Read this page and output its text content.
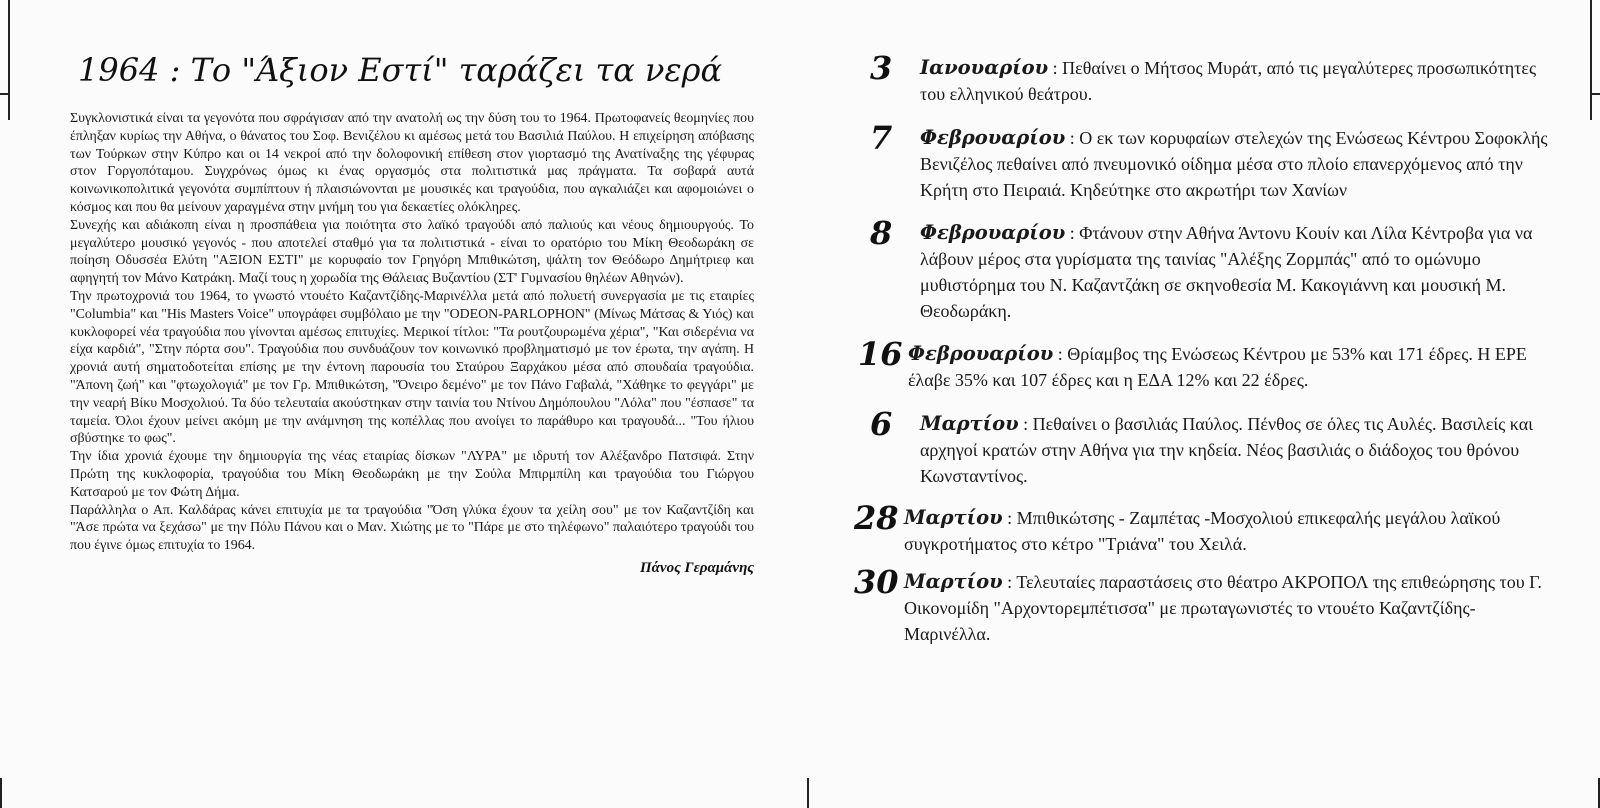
1964 : Το "Άξιον Εστί" ταράζει τα νερά

Συγκλονιστικά είναι τα γεγονότα που σφράγισαν από την ανατολή ως την δύση του το 1964. Πρωτοφανείς θεομηνίες που έπληξαν κυρίως την Αθήνα, ο θάνατος του Σοφ. Βενιζέλου κι αμέσως μετά του Βασιλιά Παύλου. Η επιχείρηση απόβασης των Τούρκων στην Κύπρο και οι 14 νεκροί από την δολοφονική επίθεση στον γιορτασμό της Ανατίναξης της γέφυρας στον Γοργοπόταμου. Συγχρόνως όμως κι ένας οργασμός στα πολιτιστικά μας πράγματα. Τα σοβαρά αυτά κοινωνικοπολιτικά γεγονότα συμπίπτουν ή πλαισιώνονται με μουσικές και τραγούδια, που αγκαλιάζει και αφομοιώνει ο κόσμος και που θα μείνουν χαραγμένα στην μνήμη του για δεκαετίες ολόκληρες.

Συνεχής και αδιάκοπη είναι η προσπάθεια για ποιότητα στο λαϊκό τραγούδι από παλιούς και νέους δημιουργούς. Το μεγαλύτερο μουσικό γεγονός - που αποτελεί σταθμό για τα πολιτιστικά - είναι το ορατόριο του Μίκη Θεοδωράκη σε ποίηση Οδυσσέα Ελύτη "ΑΞΙΟΝ ΕΣΤΙ" με κορυφαίο τον Γρηγόρη Μπιθικώτση, ψάλτη τον Θεόδωρο Δημήτριεφ και αφηγητή τον Μάνο Κατράκη. Μαζί τους η χορωδία της Θάλειας Βυζαντίου (ΣΤ' Γυμνασίου θηλέων Αθηνών).

Την πρωτοχρονιά του 1964, το γνωστό ντουέτο Καζαντζίδης-Μαρινέλλα μετά από πολυετή συνεργασία με τις εταιρίες "Columbia" και "His Masters Voice" υπογράφει συμβόλαιο με την "ODEON-PARLOPHON" (Μίνως Μάτσας & Υιός) και κυκλοφορεί νέα τραγούδια που γίνονται αμέσως επιτυχίες. Μερικοί τίτλοι: "Τα ρουτζουρωμένα χέρια", "Και σιδερένια να είχα καρδιά", "Στην πόρτα σου". Τραγούδια που συνδυάζουν τον κοινωνικό προβληματισμό με τον έρωτα, την αγάπη. Η χρονιά αυτή σηματοδοτείται επίσης με την έντονη παρουσία του Σταύρου Ξαρχάκου μέσα από σπουδαία τραγούδια. "Άπονη ζωή" και "φτωχολογιά" με τον Γρ. Μπιθικώτση, "Όνειρο δεμένο" με τον Πάνο Γαβαλά, "Χάθηκε το φεγγάρι" με την νεαρή Βίκυ Μοσχολιού. Τα δύο τελευταία ακούστηκαν στην ταινία του Ντίνου Δημόπουλου "Λόλα" που "έσπασε" τα ταμεία. Όλοι έχουν μείνει ακόμη με την ανάμνηση της κοπέλλας που ανοίγει το παράθυρο και τραγουδά... "Του ήλιου σβύστηκε το φως".

Την ίδια χρονιά έχουμε την δημιουργία της νέας εταιρίας δίσκων "ΛΥΡΑ" με ιδρυτή τον Αλέξανδρο Πατσιφά. Στην Πρώτη της κυκλοφορία, τραγούδια του Μίκη Θεοδωράκη με την Σούλα Μπιρμπίλη και τραγούδια του Γιώργου Κατσαρού με τον Φώτη Δήμα.

Παράλληλα ο Απ. Καλδάρας κάνει επιτυχία με τα τραγούδια "Όση γλύκα έχουν τα χείλη σου" με τον Καζαντζίδη και "Άσε πρώτα να ξεχάσω" με την Πόλυ Πάνου και ο Μαν. Χιώτης με το "Πάρε με στο τηλέφωνο" παλαιότερο τραγούδι του που έγινε όμως επιτυχία το 1964.

Πάνος Γεραμάνης
3	Ιανουαρίου : Πεθαίνει ο Μήτσος Μυράτ, από τις μεγαλύτερες προσωπικότητες του ελληνικού θεάτρου.
7	Φεβρουαρίου : Ο εκ των κορυφαίων στελεχών της Ενώσεως Κέντρου Σοφοκλής Βενιζέλος πεθαίνει από πνευμονικό οίδημα μέσα στο πλοίο επανερχόμενος από την Κρήτη στο Πειραιά. Κηδεύτηκε στο ακρωτήρι των Χανίων
8	Φεβρουαρίου : Φτάνουν στην Αθήνα Άντονυ Κουίν και Λίλα Κέντροβα για να λάβουν μέρος στα γυρίσματα της ταινίας "Αλέξης Ζορμπάς" από το ομώνυμο μυθιστόρημα του Ν. Καζαντζάκη σε σκηνοθεσία Μ. Κακογιάννη και μουσική Μ. Θεοδωράκη.
16 Φεβρουαρίου : Θρίαμβος της Ενώσεως Κέντρου με 53% και 171 έδρες. Η ΕΡΕ έλαβε 35% και 107 έδρες και η ΕΔΑ 12% και 22 έδρες.
6	Μαρτίου : Πεθαίνει ο βασιλιάς Παύλος. Πένθος σε όλες τις Αυλές. Βασιλείς και αρχηγοί κρατών στην Αθήνα για την κηδεία. Νέος βασιλιάς ο διάδοχος του θρόνου Κωνσταντίνος.
28 Μαρτίου : Μπιθικώτσης - Ζαμπέτας -Μοσχολιού επικεφαλής μεγάλου λαϊκού συγκροτήματος στο κέτρο "Τριάνα" του Χειλά.
30 Μαρτίου : Τελευταίες παραστάσεις στο θέατρο ΑΚΡΟΠΟΛ της επιθεώρησης του Γ. Οικονομίδη "Αρχοντορεμπέτισσα" με πρωταγωνιστές το ντουέτο Καζαντζίδης-Μαρινέλλα.
